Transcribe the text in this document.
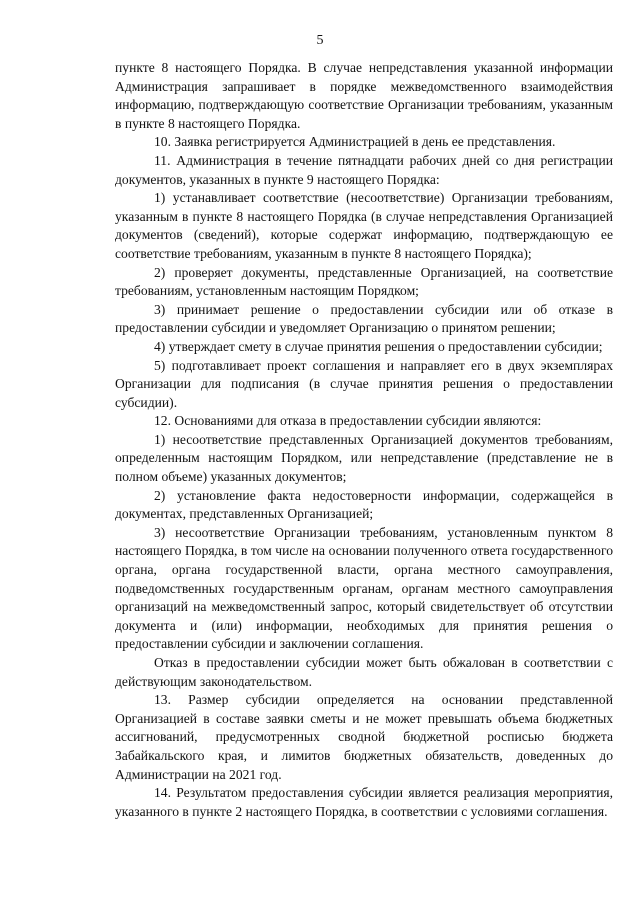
5

пункте 8 настоящего Порядка. В случае непредставления указанной информации Администрация запрашивает в порядке межведомственного взаимодействия информацию, подтверждающую соответствие Организации требованиям, указанным в пункте 8 настоящего Порядка.

10. Заявка регистрируется Администрацией в день ее представления.

11. Администрация в течение пятнадцати рабочих дней со дня регистрации документов, указанных в пункте 9 настоящего Порядка:

1) устанавливает соответствие (несоответствие) Организации требованиям, указанным в пункте 8 настоящего Порядка (в случае непредставления Организацией документов (сведений), которые содержат информацию, подтверждающую ее соответствие требованиям, указанным в пункте 8 настоящего Порядка);

2) проверяет документы, представленные Организацией, на соответствие требованиям, установленным настоящим Порядком;

3) принимает решение о предоставлении субсидии или об отказе в предоставлении субсидии и уведомляет Организацию о принятом решении;

4) утверждает смету в случае принятия решения о предоставлении субсидии;

5) подготавливает проект соглашения и направляет его в двух экземплярах Организации для подписания (в случае принятия решения о предоставлении субсидии).

12. Основаниями для отказа в предоставлении субсидии являются:

1) несоответствие представленных Организацией документов требованиям, определенным настоящим Порядком, или непредставление (представление не в полном объеме) указанных документов;

2) установление факта недостоверности информации, содержащейся в документах, представленных Организацией;

3) несоответствие Организации требованиям, установленным пунктом 8 настоящего Порядка, в том числе на основании полученного ответа государственного органа, органа государственной власти, органа местного самоуправления, подведомственных государственным органам, органам местного самоуправления организаций на межведомственный запрос, который свидетельствует об отсутствии документа и (или) информации, необходимых для принятия решения о предоставлении субсидии и заключении соглашения.

Отказ в предоставлении субсидии может быть обжалован в соответствии с действующим законодательством.

13. Размер субсидии определяется на основании представленной Организацией в составе заявки сметы и не может превышать объема бюджетных ассигнований, предусмотренных сводной бюджетной росписью бюджета Забайкальского края, и лимитов бюджетных обязательств, доведенных до Администрации на 2021 год.

14. Результатом предоставления субсидии является реализация мероприятия, указанного в пункте 2 настоящего Порядка, в соответствии с условиями соглашения.
